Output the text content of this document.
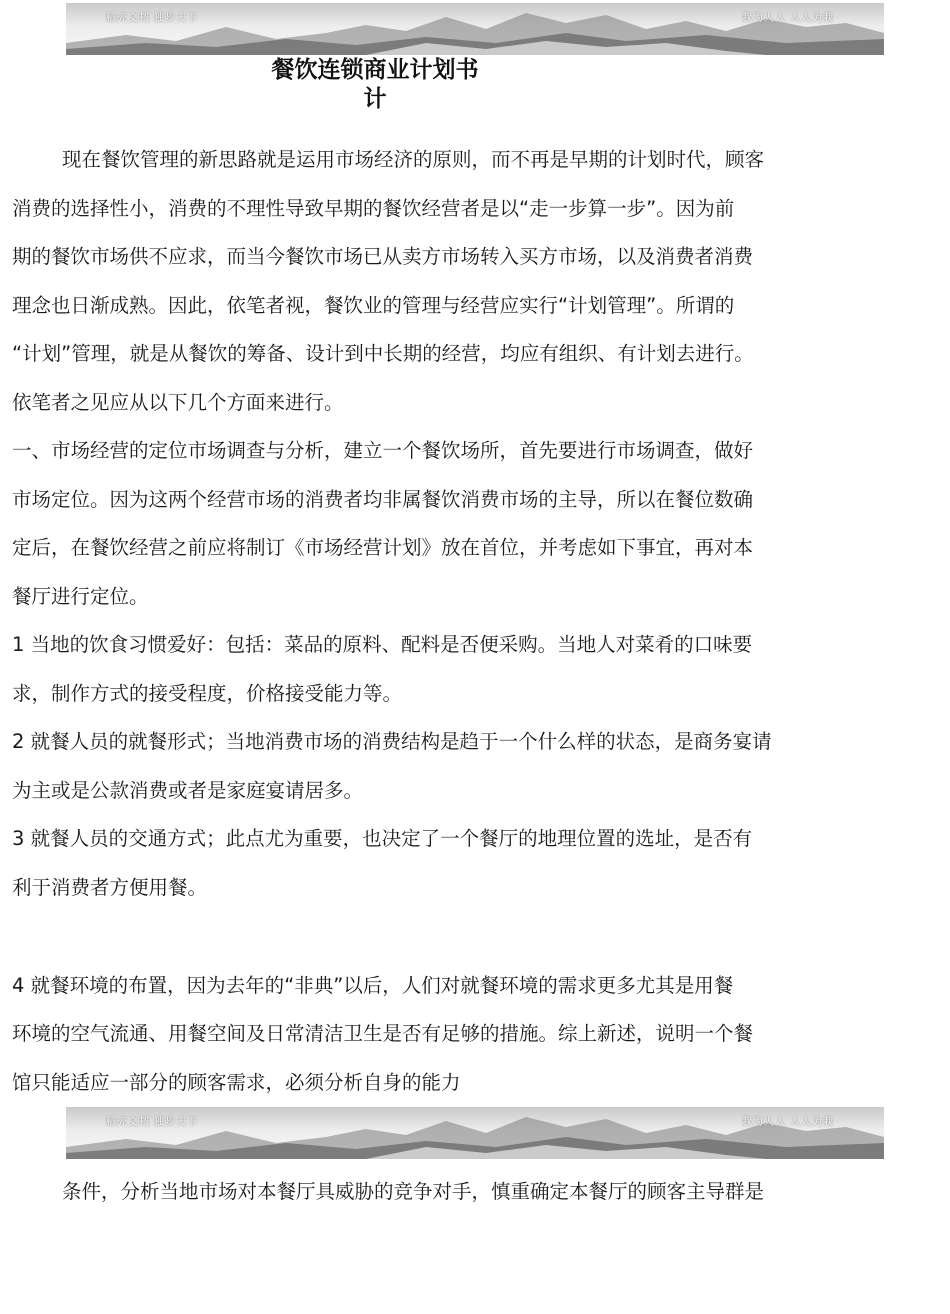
稻壳文档 独步天下	我为人人 人人为我
餐饮连锁商业计划书
计

现在餐饮管理的新思路就是运用市场经济的原则，而不再是早期的计划时代，顾客

消费的选择性小，消费的不理性导致早期的餐饮经营者是以“走一步算一步”。因为前

期的餐饮市场供不应求，而当今餐饮市场已从卖方市场转入买方市场，以及消费者消费

理念也日渐成熟。因此，依笔者视，餐饮业的管理与经营应实行“计划管理”。所谓的

“计划”管理，就是从餐饮的筹备、设计到中长期的经营，均应有组织、有计划去进行。

依笔者之见应从以下几个方面来进行。

一、市场经营的定位市场调查与分析，建立一个餐饮场所，首先要进行市场调查，做好

市场定位。因为这两个经营市场的消费者均非属餐饮消费市场的主导，所以在餐位数确

定后，在餐饮经营之前应将制订《市场经营计划》放在首位，并考虑如下事宜，再对本

餐厅进行定位。

1 当地的饮食习惯爱好：包括：菜品的原料、配料是否便采购。当地人对菜肴的口味要

求，制作方式的接受程度，价格接受能力等。

2 就餐人员的就餐形式；当地消费市场的消费结构是趋于一个什么样的状态，是商务宴请

为主或是公款消费或者是家庭宴请居多。

3 就餐人员的交通方式；此点尤为重要，也决定了一个餐厅的地理位置的选址，是否有

利于消费者方便用餐。

4 就餐环境的布置，因为去年的“非典”以后，人们对就餐环境的需求更多尤其是用餐

环境的空气流通、用餐空间及日常清洁卫生是否有足够的措施。综上新述，说明一个餐

馆只能适应一部分的顾客需求，必须分析自身的能力

稻壳文档 独步天下	我为人人 人人为我

条件，分析当地市场对本餐厅具威胁的竞争对手，慎重确定本餐厅的顾客主导群是
